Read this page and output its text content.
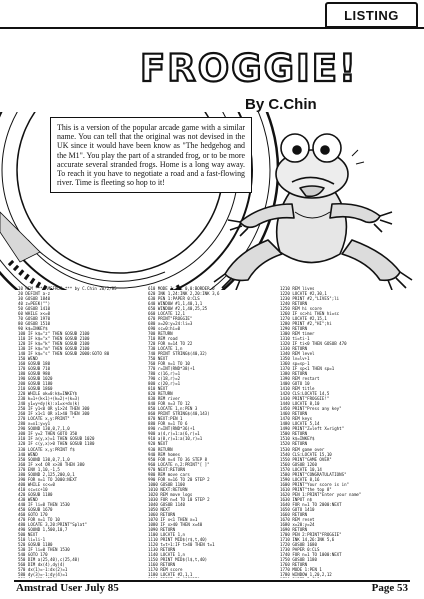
LISTING
FROGGIE!
By C.Chin

This is a version of the popular arcade game with a similar name. You can tell that the original was not devised in the UK since it would have been know as "The hedgehog and the M1". You play the part of a stranded frog, or to be more accurate several stranded frogs. Home is a long way away. To reach it you have to negotiate a road and a fast-flowing river. Time is fleeting so hop to it!

10 REM *** AMSFROG *** by C.Chin 20/2/85
20 DEFINT a-z
30 GOSUB 1840
40 z=PEEK("")
50 GOSUB 1410
60 WHILE x<=0
70 GOSUB 1970
80 GOSUB 1510
90 k$=INKEY$
100 IF k$="z" THEN GOSUB 2100
110 IF k$="x" THEN GOSUB 2100
120 IF k$="k" THEN GOSUB 2100
130 IF k$="m" THEN GOSUB 2100
140 IF k$="s" THEN GOSUB 2000:GOTO 80
150 WEND
160 GOSUB 180
170 GOSUB 710
180 GOSUB 980
190 GOSUB 1020
200 GOSUB 1180
210 GOSUB 1860
220 WHILE ok=0:k$=INKEY$
230 k=1+(k<1)+(k=2)+(k=3)
240 y1=y+dy(k):x1=x+dx(k)
250 IF y1<0 OR y1>24 THEN 300
260 IF x1<1 OR x1>40 THEN 300
270 LOCATE x,y:PRINT" "
280 x=x1:y=y1
290 SOUND 130,0,7,1,0
300 IF y=2 THEN GOTO 350
310 IF a(y,x)=1 THEN GOSUB 1020
320 IF c(y,x)>0 THEN GOSUB 1180
330 LOCATE x,y:PRINT f$
340 WEND
350 SOUND 130,0,7,1,0
360 IF x<4 OR x>38 THEN 380
370 ENV 1,10,-1,5
380 SOUND 2,125,200,0,1
390 FOR n=1 TO 2000:NEXT
400 WHILE sc<=0
410 sc=sc+10
420 GOSUB 1180
430 WEND
440 IF li=0 THEN 1530
450 GOSUB 1670
460 GOTO 170
470 FOR n=1 TO 10
480 LOCATE 3,20:PRINT"Splat"
490 SOUND 1,500,10,7
500 NEXT
510 li=li-1
520 GOSUB 1180
530 IF li=0 THEN 1530
540 GOTO 170
550 DIM a(25,40),c(25,40)
560 DIM dx(4),dy(4)
570 dx(1)=-1:dx(2)=1
580 dy(3)=-1:dy(4)=1
610 MODE 1:INK 0,0:BORDER 0
620 INK 1,24:INK 2,20:INK 3,6
630 PEN 1:PAPER 0:CLS
640 WINDOW #1,1,40,1,1
650 WINDOW #2,1,40,25,25
660 LOCATE 12,1
670 PRINT"FROGGIE"
680 x=20:y=24:li=3
690 sc=0:hi=0
700 RETURN
710 REM road
720 FOR n=14 TO 22
730 LOCATE 1,n
740 PRINT STRING$(40,32)
750 NEXT
760 FOR n=1 TO 10
770 r=INT(RND*38)+1
780 c(16,r)=1
790 c(18,r)=2
800 c(20,r)=1
810 NEXT
820 RETURN
830 REM river
840 FOR n=3 TO 12
850 LOCATE 1,n:PEN 3
860 PRINT STRING$(40,143)
870 NEXT:PEN 1
880 FOR n=1 TO 6
890 r=INT(RND*36)+1
900 a(4,r)=1:a(6,r)=1
910 a(8,r)=1:a(10,r)=1
920 NEXT
930 RETURN
940 REM homes
950 FOR n=4 TO 36 STEP 8
960 LOCATE n,2:PRINT"[ ]"
970 NEXT:RETURN
980 REM move cars
990 FOR n=16 TO 20 STEP 2
1000 GOSUB 1100
1010 NEXT:RETURN
1020 REM move logs
1030 FOR n=4 TO 10 STEP 2
1040 GOSUB 1140
1050 NEXT
1060 RETURN
1070 IF x<1 THEN x=1
1080 IF x>40 THEN x=40
1090 RETURN
1100 LOCATE 1,n
1110 PRINT MID$(r$,t,40)
1120 t=t+1:IF t>40 THEN t=1
1130 RETURN
1140 LOCATE 1,n
1150 PRINT MID$(l$,t,40)
1160 RETURN
1170 REM score
1180 LOCATE #2,1,1
1210 REM lives
1220 LOCATE #2,30,1
1230 PRINT #2,"LIVES";li
1240 RETURN
1250 REM hi score
1260 IF sc>hi THEN hi=sc
1270 LOCATE #2,15,1
1280 PRINT #2,"HI";hi
1290 RETURN
1300 REM timer
1310 ti=ti-1
1320 IF ti<0 THEN GOSUB 470
1330 RETURN
1340 REM level
1350 lv=lv+1
1360 sp=sp-1
1370 IF sp<1 THEN sp=1
1380 RETURN
1390 REM restart
1400 GOTO 10
1410 REM title
1420 CLS:LOCATE 14,5
1430 PRINT"FROGGIE!"
1440 LOCATE 8,10
1450 PRINT"Press any key"
1460 RETURN
1470 REM keys
1480 LOCATE 5,14
1490 PRINT"Z=left X=right"
1500 RETURN
1510 k$=INKEY$
1520 RETURN
1530 REM game over
1540 CLS:LOCATE 15,10
1550 PRINT"GAME OVER"
1560 GOSUB 1260
1570 LOCATE 10,14
1580 PRINT"CONGRATULATIONS"
1590 LOCATE 8,16
1600 PRINT"Your score is in"
1610 PRINT"the top 8"
1620 PEN 1:PRINT"Enter your name"
1630 INPUT n$
1640 FOR n=1 TO 2000:NEXT
1650 GOTO 1410
1660 RETURN
1670 REM reset
1680 x=20:y=24
1690 RETURN
1700 PEN 2:PRINT"FROGGIE"
1710 INK 14,26:INK 5,6
1720 GOSUB 1680
1730 PAPER 0:CLS
1740 FOR n=1 TO 1000:NEXT
1750 GOSUB 1180
1760 RETURN
1770 MODE 1:PEN 1
1780 WINDOW 1,20,2,12
Amstrad User July 85	Page 53
